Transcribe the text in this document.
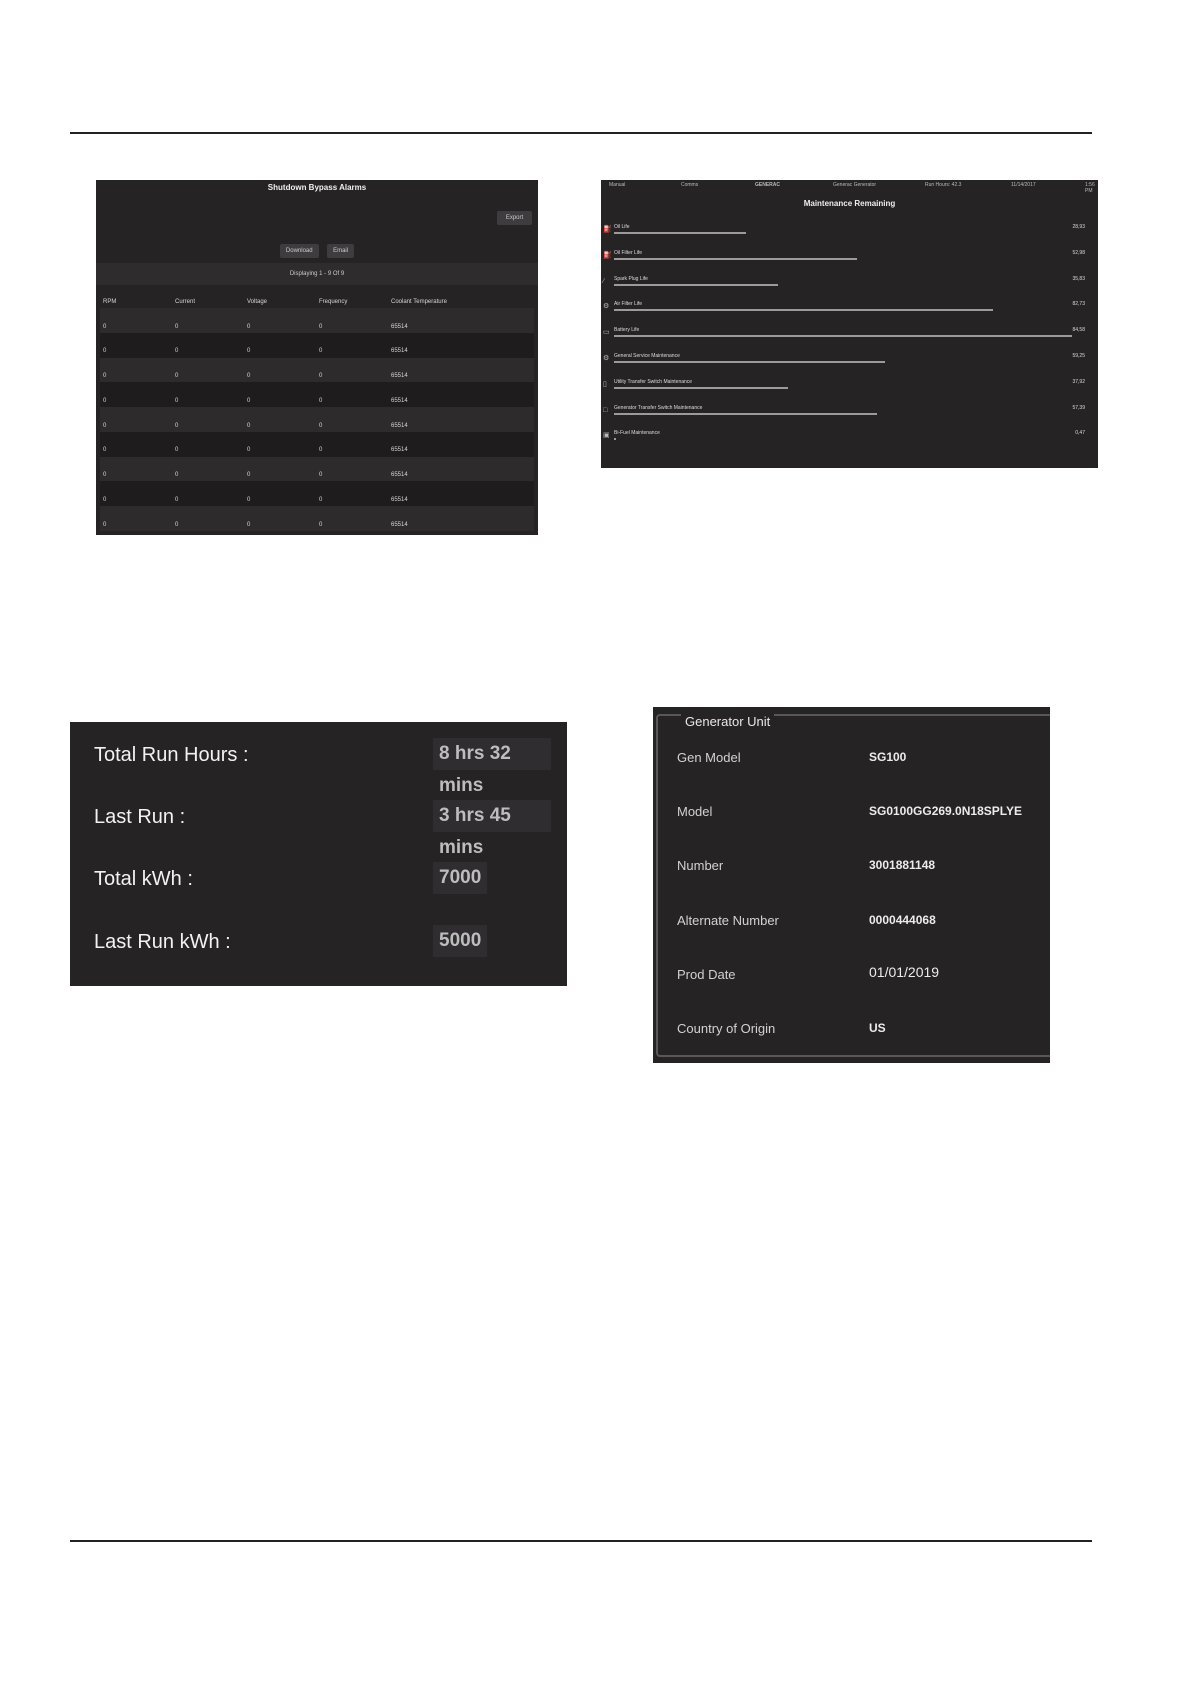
Shutdown Bypass Alarms
Export
Download	Email
Displaying 1 - 9 Of 9
RPM	Current	Voltage	Frequency	Coolant Temperature

0	0	0	0	65514

0	0	0	0	65514

0	0	0	0	65514

0	0	0	0	65514

0	0	0	0	65514

0	0	0	0	65514

0	0	0	0	65514

0	0	0	0	65514

0	0	0	0	65514
Manual	Comms	GENERAC	Generac Generator	Run Hours: 42.3	11/14/2017	1:56 PM
Maintenance Remaining
⛽ Oil Life	28,93
⛽ Oil Filter Life	52,98
∕	Spark Plug Life	35,83
⚙ Air Filter Life	82,73
▭ Battery Life	84,58
⚙ General Service Maintenance	59,25
▯	Utility Transfer Switch Maintenance	37,92
□	Generator Transfer Switch Maintenance	57,39
▣ Bi-Fuel Maintenance	0,47
Total Run Hours :	8 hrs 32 mins
Last Run :	3 hrs 45 mins
Total kWh :	7000
Last Run kWh :	5000
Generator Unit
Gen Model	SG100
Model	SG0100GG269.0N18SPLYE
Number	3001881148
Alternate Number	0000444068
Prod Date	01/01/2019
Country of Origin	US
